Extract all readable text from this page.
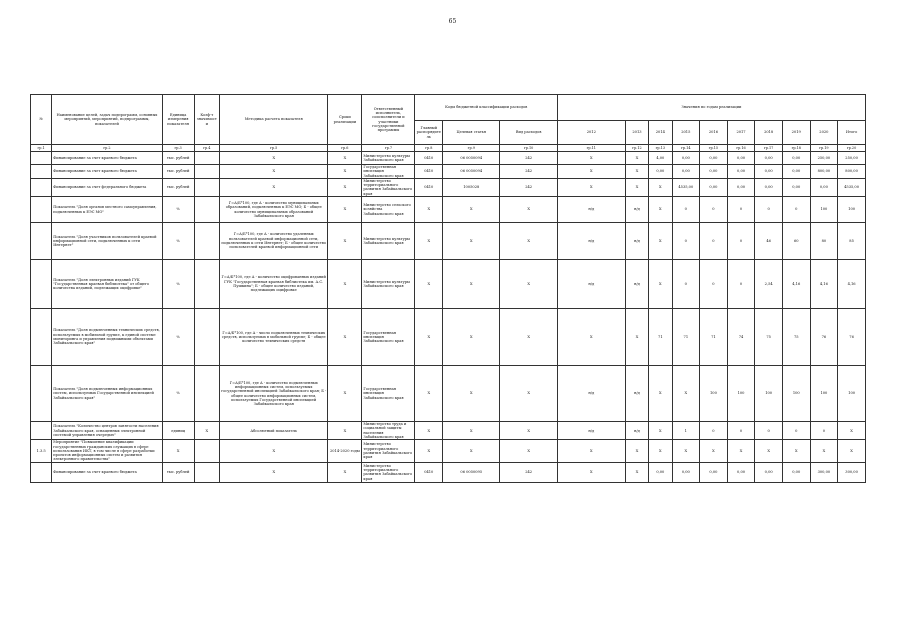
65
№	Наименование целей, задач подпрограмм, основных мероприятий, мероприятий, подпрограммы, показателей	Единица измерения показателя	Коэф-т значимости	Методика расчета показателя	Сроки реализации	Ответственный исполнитель, соисполнители и участники государственной программы	Коды бюджетной классификации расходов			Значения по годам реализации									
							Главный распорядитель	Целевая статья	Вид расходов	2012	2013	2014	2015	2016	2017	2018	2019	2020	Итого
гр.1	гр.2	гр.3	гр.4	гр.5	гр.6	гр.7	гр.8	гр.9	гр.10	гр.11	гр.12	гр.13	гр.14	гр.15	гр.16	гр.17	гр.18	гр.19	гр.20
	Финансирование за счет краевого бюджета	тыс. рублей		Х	Х	Министерство культуры Забайкальского края	0410	06 0050094	242	Х	Х	4,00	0,00	0,00	0,00	0,00	0,00	250,00	250,00
	Финансирование за счет краевого бюджета	тыс. рублей		Х	Х	Государственная инспекция Забайкальского края	0410	06 0050094	242	Х	Х	0,00	0,00	0,00	0,00	0,00	0,00	800,00	800,00
	Финансирование за счет федерального бюджета	тыс. рублей		Х	Х	Министерство территориального развития Забайкальского края	0410	1005028	242	Х	Х	Х	4535,00	0,00	0,00	0,00	0,00	0,00	4535,00
	Показатель "Доля органов местного самоуправления, подключенных к ЕЭС МО"	%		Г=А/Б*100, где А - количество муниципальных образований, подключенных к ЕЭС МО; Б - общее количество муниципальных образований Забайкальского края	Х	Министерство сельского хозяйства Забайкальского края	Х	Х	Х	н/д	н/д	Х	0	0	0	0	0	100	100
	Показатель "Доля участников пользователей краевой информационной сети, подключенных к сети Интернет"	%		Г=А/Б*100, где А - количество удаленных пользователей краевой информационной сети, подключенных к сети Интернет; Б - общее количество пользователей краевой информационной сети	Х	Министерство культуры Забайкальского края	Х	Х	Х	н/д	н/д	Х	0	0	0	46	60	80	85
	Показатель "Доля электронных изданий ГУК "Государственная краевая библиотека" от общего количества изданий, подлежащих оцифровке"	%		Г=А/Б*100, где А - количество оцифрованных изданий ГУК "Государственная краевая библиотека им. А.С. Пушкина"; Б - общее количество изданий, подлежащих оцифровке	Х	Министерство культуры Забайкальского края	Х	Х	Х	н/д	н/д	Х	0	0	0	2,54	4,16	4,16	4,16
	Показатель "Доля подключенных технических средств, используемых в мобильной группе, к единой системе мониторинга и управления подвижными объектами Забайкальского края"	%		Г=А/Б*100, где А - число подключенных технических средств, используемых в мобильной группе; Б - общее количество технических средств	Х	Государственная инспекция Забайкальского края	Х	Х	Х	Х	Х	71	71	71	74	75	75	76	76
	Показатель "Доля подключенных информационных систем, используемых Государственной инспекцией Забайкальского края"	%		Г=А/Б*100, где А - количество подключенных информационных систем, используемых государственной инспекцией Забайкальского края; Б - общее количество информационных систем, используемых Государственной инспекцией Забайкальского края	Х	Государственная инспекция Забайкальского края	Х	Х	Х	н/д	н/д	Х	Х	100	100	100	100	100	100
	Показатель "Количество центров занятости населения Забайкальского края, оснащенных электронной системой управления очередью"	единиц	Х	Абсолютный показатель	Х	Министерство труда и социальной защиты населения Забайкальского края	Х	Х	Х	н/д	н/д	Х	1	0	0	0	0	0	Х
1.3.5	Мероприятие "Повышение квалификации государственных гражданских служащих в сфере использования ИКТ, в том числе в сфере разработки проектов информационных систем и развития электронного правительства"	Х		Х	2014-2020 годы	Министерство территориального развития Забайкальского края	Х	Х	Х	Х	Х	Х	Х	Х	Х	Х	Х	Х	Х
	Финансирование за счет краевого бюджета	тыс. рублей		Х	Х	Министерство территориального развития Забайкальского края	0410	06 0050095	242	Х	Х	0,00	0,00	0,00	0,00	0,00	0,00	300,00	300,00
